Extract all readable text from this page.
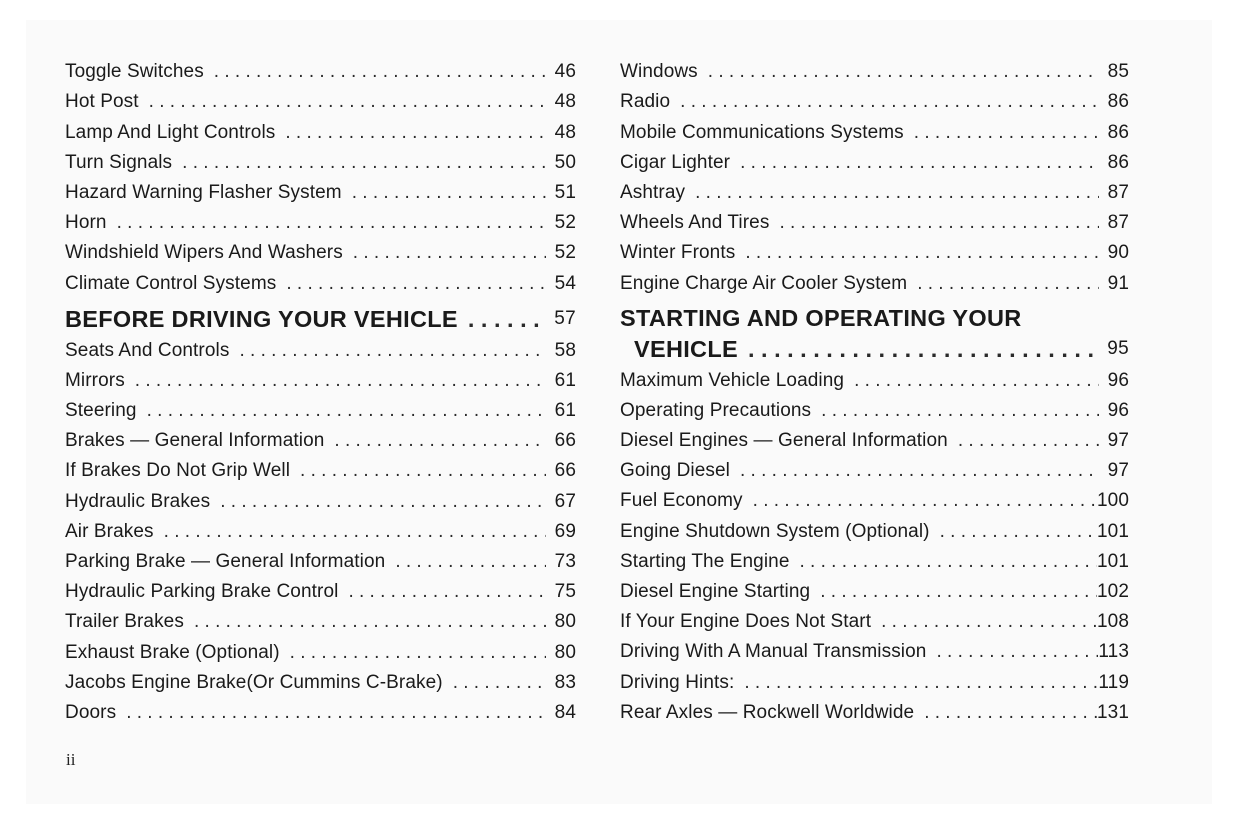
Toggle Switches . . .	46
Hot Post . . .	48
Lamp And Light Controls . . .	48
Turn Signals . . .	50
Hazard Warning Flasher System . . .	51
Horn . . .	52
Windshield Wipers And Washers . . .	52
Climate Control Systems . . .	54
BEFORE DRIVING YOUR VEHICLE . . .	57
Seats And Controls . . .	58
Mirrors . . .	61
Steering . . .	61
Brakes — General Information . . .	66
If Brakes Do Not Grip Well . . .	66
Hydraulic Brakes . . .	67
Air Brakes . . .	69
Parking Brake — General Information . . .	73
Hydraulic Parking Brake Control . . .	75
Trailer Brakes . . .	80
Exhaust Brake (Optional) . . .	80
Jacobs Engine Brake(Or Cummins C-Brake) . . .	83
Doors . . .	84
Windows . . .	85
Radio . . .	86
Mobile Communications Systems . . .	86
Cigar Lighter . . .	86
Ashtray . . .	87
Wheels And Tires . . .	87
Winter Fronts . . .	90
Engine Charge Air Cooler System . . .	91
STARTING AND OPERATING YOUR
VEHICLE . . .	95
Maximum Vehicle Loading . . .	96
Operating Precautions . . .	96
Diesel Engines — General Information . . .	97
Going Diesel . . .	97
Fuel Economy . . .	100
Engine Shutdown System (Optional) . . .	101
Starting The Engine . . .	101
Diesel Engine Starting . . .	102
If Your Engine Does Not Start . . .	108
Driving With A Manual Transmission . . .	113
Driving Hints: . . .	119
Rear Axles — Rockwell Worldwide . . .	131
ii
